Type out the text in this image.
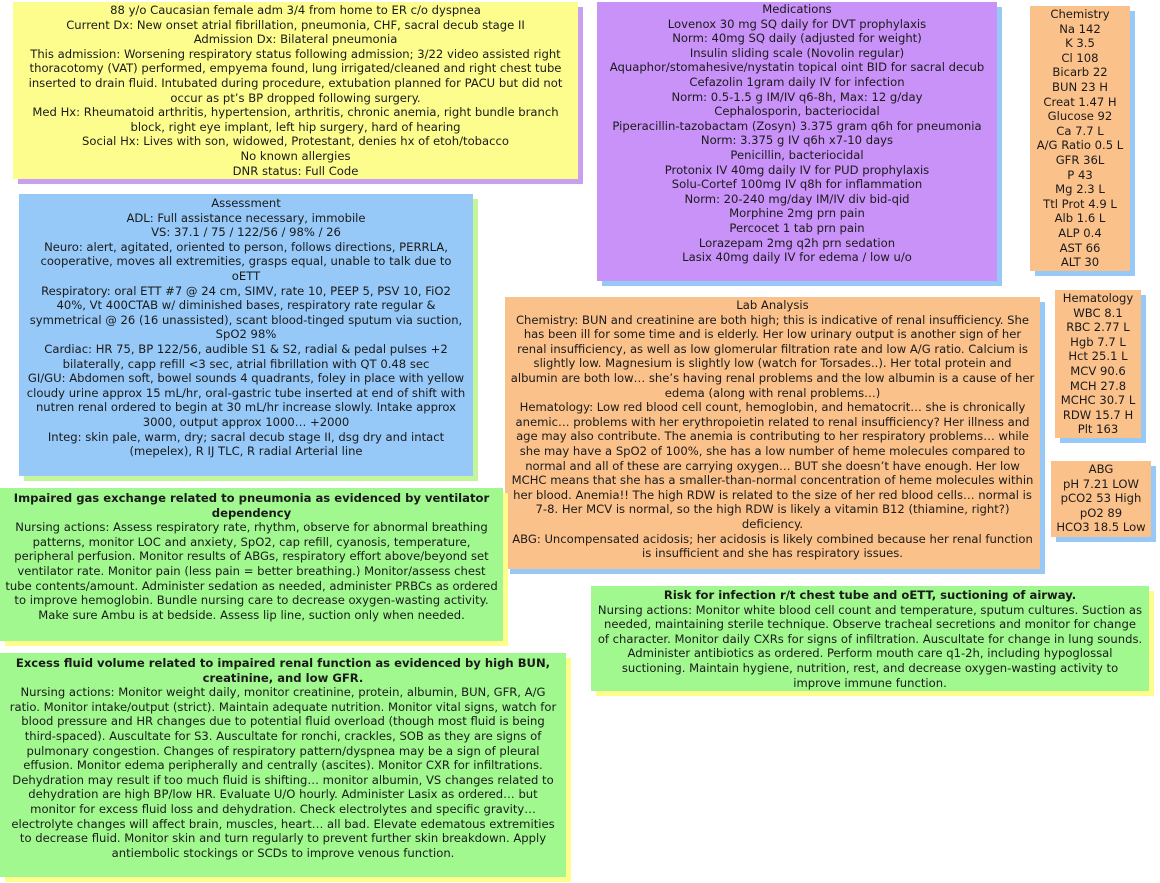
88 y/o Caucasian female adm 3/4 from home to ER c/o dyspnea
Current Dx: New onset atrial fibrillation, pneumonia, CHF, sacral decub stage II
Admission Dx: Bilateral pneumonia
This admission: Worsening respiratory status following admission; 3/22 video assisted right thoracotomy (VAT) performed, empyema found, lung irrigated/cleaned and right chest tube inserted to drain fluid. Intubated during procedure, extubation planned for PACU but did not occur as pt’s BP dropped following surgery.
Med Hx: Rheumatoid arthritis, hypertension, arthritis, chronic anemia, right bundle branch block, right eye implant, left hip surgery, hard of hearing
Social Hx: Lives with son, widowed, Protestant, denies hx of etoh/tobacco
No known allergies
DNR status: Full Code
Medications
Lovenox 30 mg SQ daily for DVT prophylaxis
Norm: 40mg SQ daily (adjusted for weight)
Insulin sliding scale (Novolin regular)
Aquaphor/stomahesive/nystatin topical oint BID for sacral decub
Cefazolin 1gram daily IV for infection
Norm: 0.5-1.5 g IM/IV q6-8h, Max: 12 g/day
Cephalosporin, bacteriocidal
Piperacillin-tazobactam (Zosyn) 3.375 gram q6h for pneumonia
Norm: 3.375 g IV q6h x7-10 days
Penicillin, bacteriocidal
Protonix IV 40mg daily IV for PUD prophylaxis
Solu-Cortef 100mg IV q8h for inflammation
Norm: 20-240 mg/day IM/IV div bid-qid
Morphine 2mg prn pain
Percocet 1 tab prn pain
Lorazepam 2mg q2h prn sedation
Lasix 40mg daily IV for edema / low u/o
Chemistry
Na 142
K 3.5
Cl 108
Bicarb 22
BUN 23 H
Creat 1.47 H
Glucose 92
Ca 7.7 L
A/G Ratio 0.5 L
GFR 36L
P 43
Mg 2.3 L
Ttl Prot 4.9 L
Alb 1.6 L
ALP 0.4
AST 66
ALT 30
Hematology
WBC 8.1
RBC 2.77 L
Hgb 7.7 L
Hct 25.1 L
MCV 90.6
MCH 27.8
MCHC 30.7 L
RDW 15.7 H
Plt 163
ABG
pH 7.21 LOW
pCO2 53 High
pO2 89
HCO3 18.5 Low
Assessment
ADL: Full assistance necessary, immobile
VS: 37.1 / 75 / 122/56 / 98% / 26
Neuro: alert, agitated, oriented to person, follows directions, PERRLA, cooperative, moves all extremities, grasps equal, unable to talk due to oETT
Respiratory: oral ETT #7 @ 24 cm, SIMV, rate 10, PEEP 5, PSV 10, FiO2 40%, Vt 400CTAB w/ diminished bases, respiratory rate regular & symmetrical @ 26 (16 unassisted), scant blood-tinged sputum via suction, SpO2 98%
Cardiac: HR 75, BP 122/56, audible S1 & S2, radial & pedal pulses +2 bilaterally, capp refill <3 sec, atrial fibrillation with QT 0.48 sec
GI/GU: Abdomen soft, bowel sounds 4 quadrants, foley in place with yellow cloudy urine approx 15 mL/hr, oral-gastric tube inserted at end of shift with nutren renal ordered to begin at 30 mL/hr increase slowly. Intake approx 3000, output approx 1000… +2000
Integ: skin pale, warm, dry; sacral decub stage II, dsg dry and intact (mepelex), R IJ TLC, R radial Arterial line
Lab Analysis
Chemistry: BUN and creatinine are both high; this is indicative of renal insufficiency. She has been ill for some time and is elderly. Her low urinary output is another sign of her renal insufficiency, as well as low glomerular filtration rate and low A/G ratio. Calcium is slightly low. Magnesium is slightly low (watch for Torsades..). Her total protein and albumin are both low… she’s having renal problems and the low albumin is a cause of her edema (along with renal problems…)
Hematology: Low red blood cell count, hemoglobin, and hematocrit… she is chronically anemic… problems with her erythropoietin related to renal insufficiency? Her illness and age may also contribute. The anemia is contributing to her respiratory problems… while she may have a SpO2 of 100%, she has a low number of heme molecules compared to normal and all of these are carrying oxygen… BUT she doesn’t have enough. Her low MCHC means that she has a smaller-than-normal concentration of heme molecules within her blood. Anemia!! The high RDW is related to the size of her red blood cells… normal is 7-8. Her MCV is normal, so the high RDW is likely a vitamin B12 (thiamine, right?) deficiency.
ABG: Uncompensated acidosis; her acidosis is likely combined because her renal function is insufficient and she has respiratory issues.
Impaired gas exchange related to pneumonia as evidenced by ventilator dependency
Nursing actions: Assess respiratory rate, rhythm, observe for abnormal breathing patterns, monitor LOC and anxiety, SpO2, cap refill, cyanosis, temperature, peripheral perfusion. Monitor results of ABGs, respiratory effort above/beyond set ventilator rate. Monitor pain (less pain = better breathing.) Monitor/assess chest tube contents/amount. Administer sedation as needed, administer PRBCs as ordered to improve hemoglobin. Bundle nursing care to decrease oxygen-wasting activity. Make sure Ambu is at bedside. Assess lip line, suction only when needed.
Risk for infection r/t chest tube and oETT, suctioning of airway.
Nursing actions: Monitor white blood cell count and temperature, sputum cultures. Suction as needed, maintaining sterile technique. Observe tracheal secretions and monitor for change of character. Monitor daily CXRs for signs of infiltration. Auscultate for change in lung sounds. Administer antibiotics as ordered. Perform mouth care q1-2h, including hypoglossal suctioning. Maintain hygiene, nutrition, rest, and decrease oxygen-wasting activity to improve immune function.
Excess fluid volume related to impaired renal function as evidenced by high BUN, creatinine, and low GFR.
Nursing actions: Monitor weight daily, monitor creatinine, protein, albumin, BUN, GFR, A/G ratio. Monitor intake/output (strict). Maintain adequate nutrition. Monitor vital signs, watch for blood pressure and HR changes due to potential fluid overload (though most fluid is being third-spaced). Auscultate for S3. Auscultate for ronchi, crackles, SOB as they are signs of pulmonary congestion. Changes of respiratory pattern/dyspnea may be a sign of pleural effusion. Monitor edema peripherally and centrally (ascites). Monitor CXR for infiltrations. Dehydration may result if too much fluid is shifting… monitor albumin, VS changes related to dehydration are high BP/low HR. Evaluate U/O hourly. Administer Lasix as ordered… but monitor for excess fluid loss and dehydration. Check electrolytes and specific gravity… electrolyte changes will affect brain, muscles, heart… all bad. Elevate edematous extremities to decrease fluid. Monitor skin and turn regularly to prevent further skin breakdown. Apply antiembolic stockings or SCDs to improve venous function.
